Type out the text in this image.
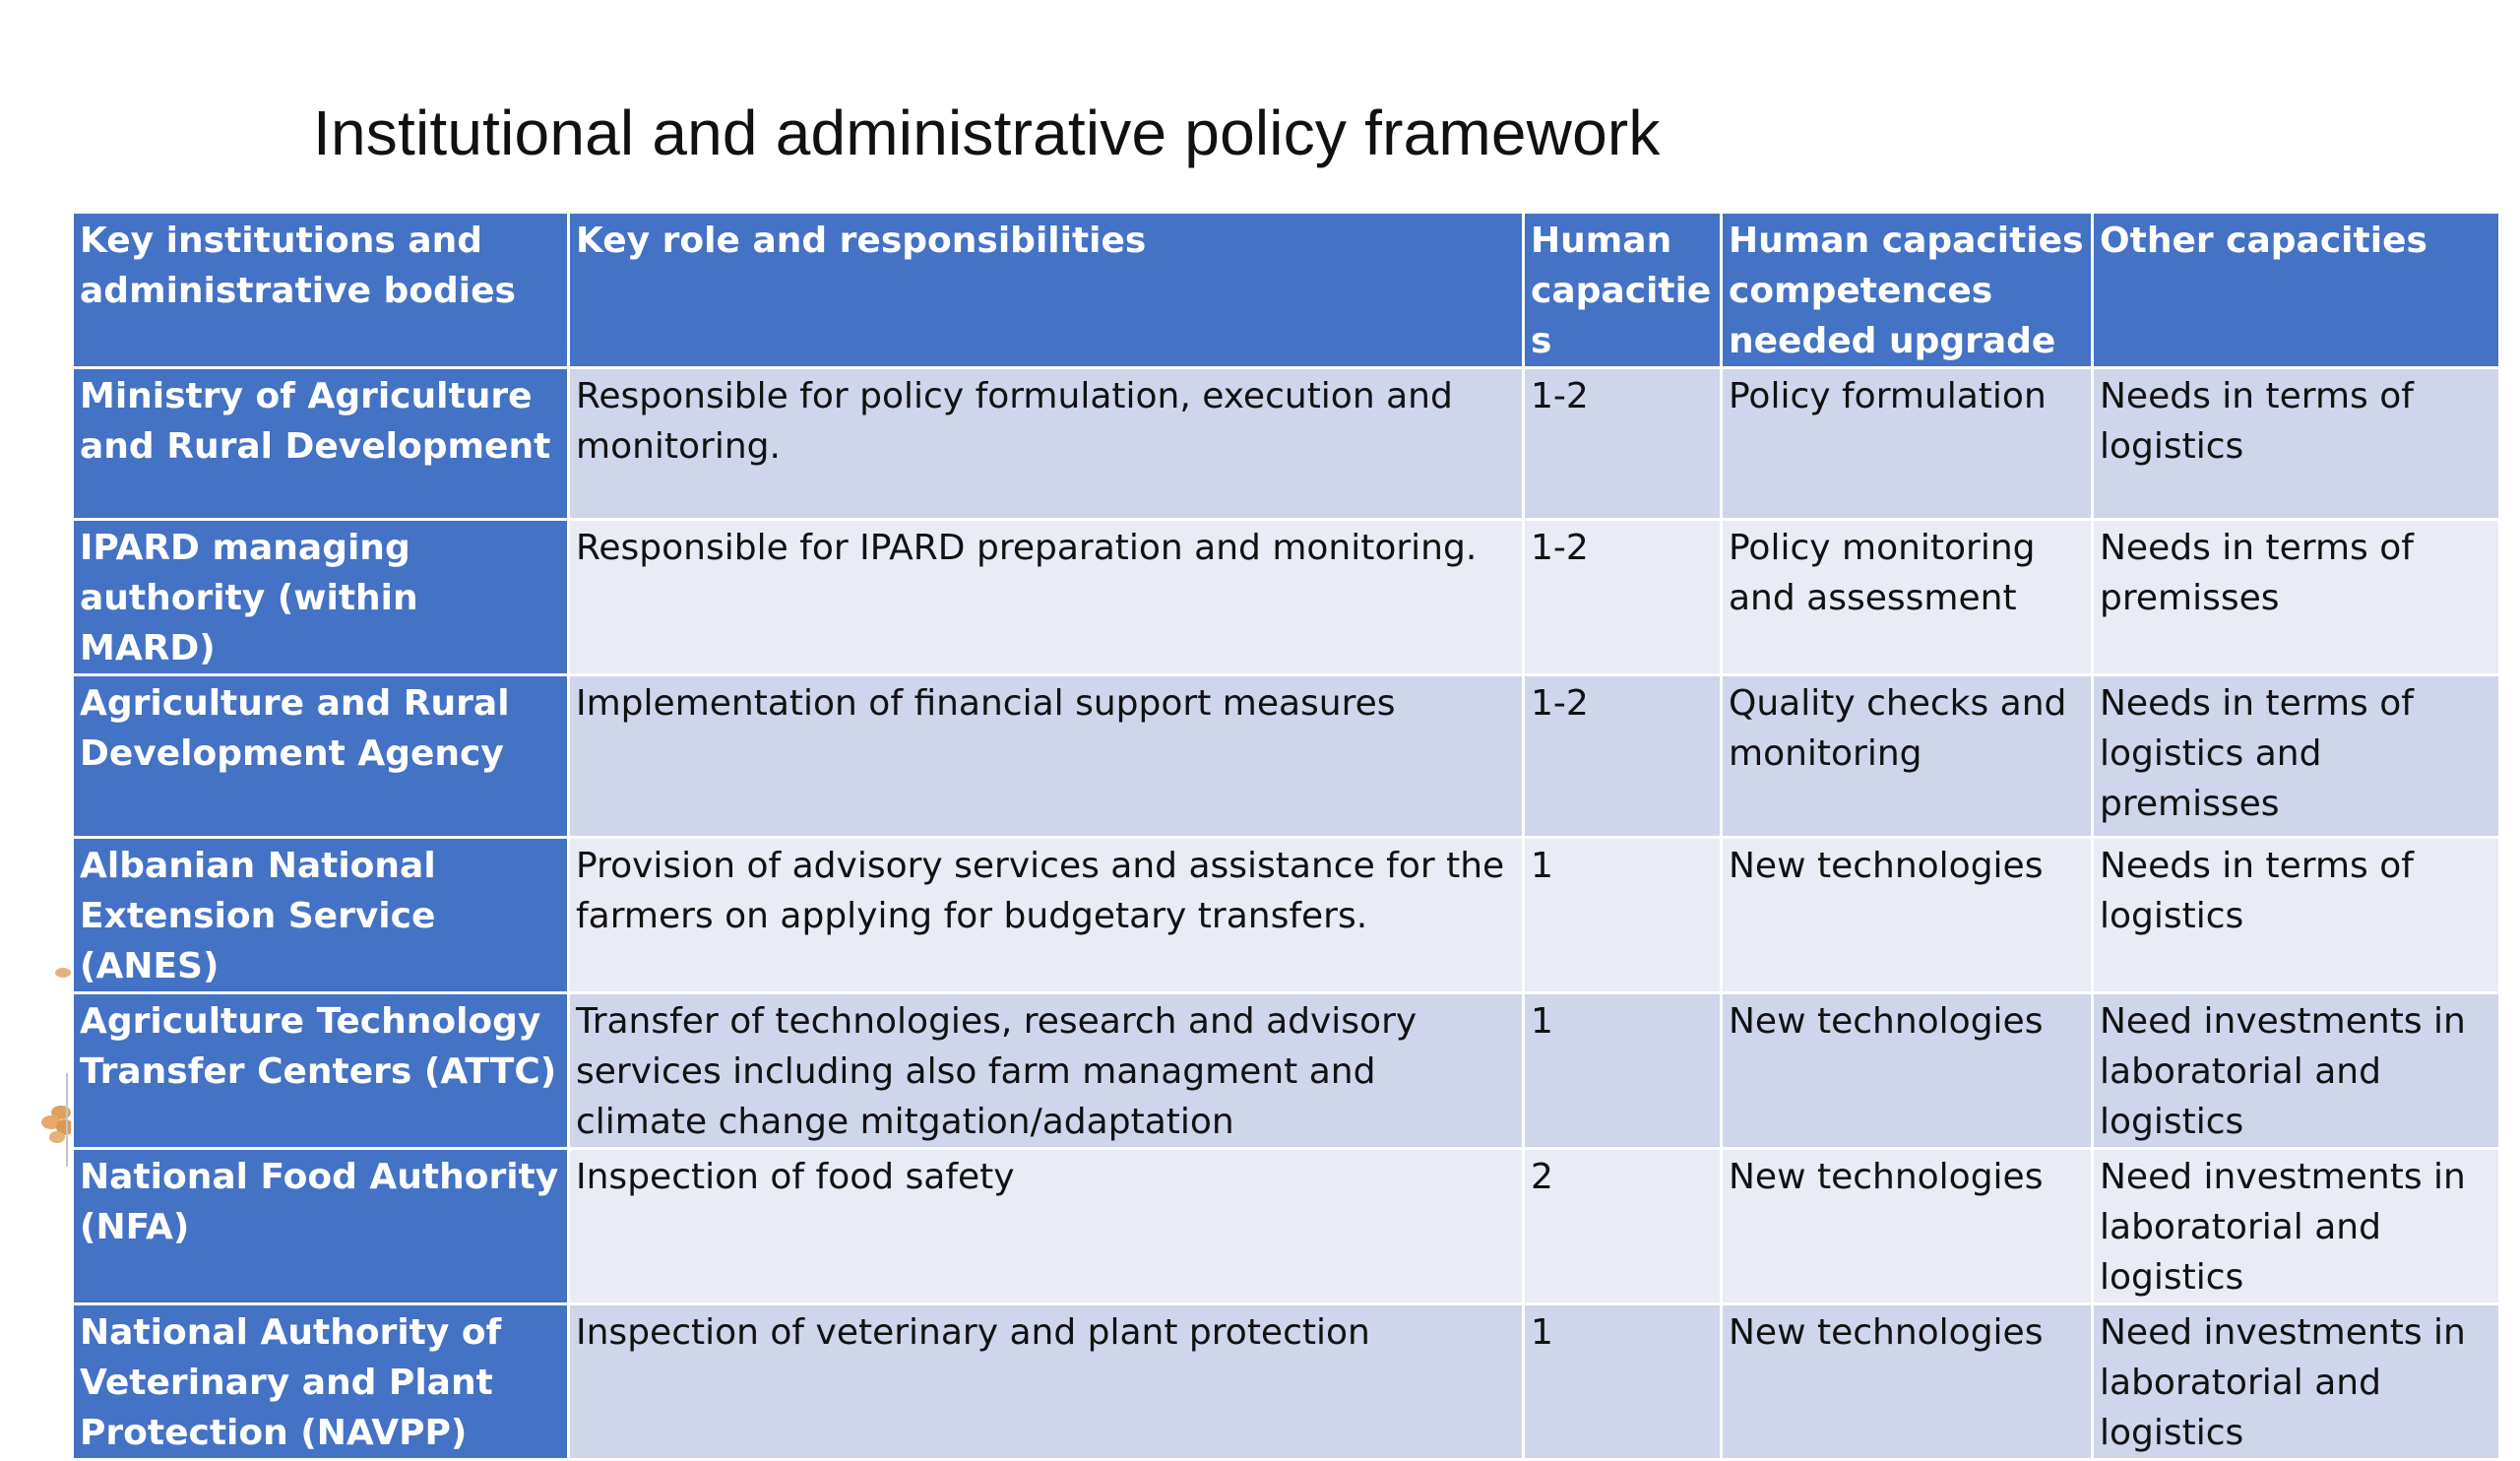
Institutional and administrative policy framework
Key institutions and administrative bodies	Key role and responsibilities	Human capacities	Human capacities competences needed upgrade	Other capacities
Ministry of Agriculture and Rural Development	Responsible for policy formulation, execution and monitoring.	1-2	Policy formulation	Needs in terms of logistics
IPARD managing authority (within MARD)	Responsible for IPARD preparation and monitoring.	1-2	Policy monitoring and assessment	Needs in terms of premisses
Agriculture and Rural Development Agency	Implementation of financial support measures	1-2	Quality checks and monitoring	Needs in terms of logistics and premisses
Albanian National Extension Service (ANES)	Provision of advisory services and assistance for the farmers on applying for budgetary transfers.	1	New technologies	Needs in terms of logistics
Agriculture Technology Transfer Centers (ATTC)	Transfer of technologies, research and advisory services including also farm managment and climate change mitgation/adaptation	1	New technologies	Need investments in laboratorial and logistics
National Food Authority (NFA)	Inspection of food safety	2	New technologies	Need investments in laboratorial and logistics
National Authority of Veterinary and Plant Protection (NAVPP)	Inspection of veterinary and plant protection	1	New technologies	Need investments in laboratorial and logistics
